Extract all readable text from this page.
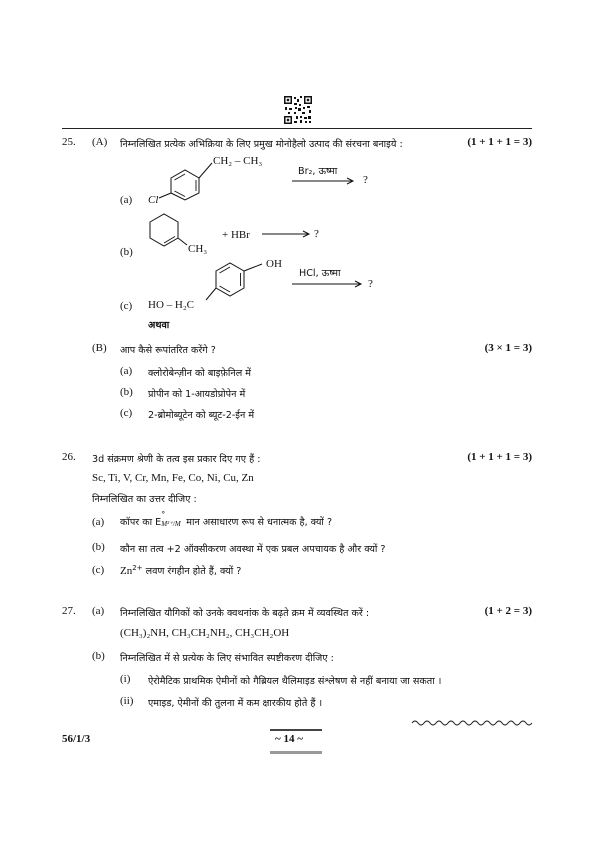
25. (A) निम्नलिखित प्रत्येक अभिक्रिया के लिए प्रमुख मोनोहैलो उत्पाद की संरचना बनाइये :	(1 + 1 + 1 = 3)
(a) Cl
CH₂ – CH₃
Br₂, ऊष्मा
?
(b)	CH₃
+ HBr	?
OH
HCl, ऊष्मा
?
(c) HO – H₂C
अथवा
(B) आप कैसे रूपांतरित करेंगे ?	(3 × 1 = 3)
(a) क्लोरोबेन्ज़ीन को बाइफ़ेनिल में
(b) प्रोपीन को 1-आयडोप्रोपेन में
(c) 2-ब्रोमोब्यूटेन को ब्यूट-2-ईन में
26. 3d संक्रमण श्रेणी के तत्व इस प्रकार दिए गए हैं :	(1 + 1 + 1 = 3)
Sc, Ti, V, Cr, Mn, Fe, Co, Ni, Cu, Zn
निम्नलिखित का उत्तर दीजिए :
(a) कॉपर का E
°
M²⁺/M मान असाधारण रूप से धनात्मक है, क्यों ?
(b) कौन सा तत्व +2 ऑक्सीकरण अवस्था में एक प्रबल अपचायक है और क्यों ?
(c) $Zn^{2+}$ लवण रंगहीन होते हैं, क्यों ?
27. (a) निम्नलिखित यौगिकों को उनके क्वथनांक के बढ़ते क्रम में व्यवस्थित करें :	(1 + 2 = 3)
(CH₃)₂NH, CH₃CH₂NH₂, CH₃CH₂OH
(b) निम्नलिखित में से प्रत्येक के लिए संभावित स्पष्टीकरण दीजिए :
(i) ऐरोमैटिक प्राथमिक ऐमीनों को गैब्रियल थैलिमाइड संश्लेषण से नहीं बनाया जा सकता ।
(ii) एमाइड, ऐमीनों की तुलना में कम क्षारकीय होते हैं ।
56/1/3	~ 14 ~
